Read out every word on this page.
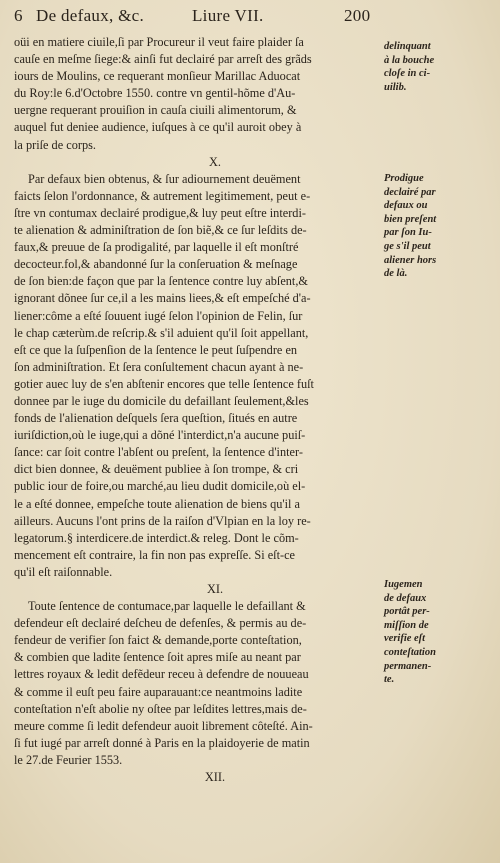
6 De defaux, &c.	Liure VII.	200
oüi en matiere ciuile,ſi par Procureur il veut faire plaider ſa
cauſe en meſme ſiege:& ainſi fut declairé par arreſt des grãds
iours de Moulins, ce requerant monſieur Marillac Aduocat
du Roy:le 6.d'Octobre 1550. contre vn gentil-hõme d'Au-
uergne requerant prouiſion in cauſa ciuili alimentorum, &
auquel fut deniee audience, iuſques à ce qu'il auroit obey à
la priſe de corps.
X.
Par defaux bien obtenus, & ſur adiournement deuëment
faicts ſelon l'ordonnance, & autrement legitimement, peut e-
ſtre vn contumax declairé prodigue,& luy peut eſtre interdi-
te alienation & adminiſtration de ſon biẽ,& ce ſur leſdits de-
faux,& preuue de ſa prodigalité, par laquelle il eſt monſtré
decocteur.fol,& abandonné ſur la conſeruation & meſnage
de ſon bien:de façon que par la ſentence contre luy abſent,&
ignorant dõnee ſur ce,il a les mains liees,& eſt empeſché d'a-
liener:côme a eſté ſouuent iugé ſelon l'opinion de Felin, ſur
le chap cæterùm.de reſcrip.& s'il aduient qu'il ſoit appellant,
eſt ce que la ſuſpenſion de la ſentence le peut ſuſpendre en
ſon adminiſtration. Et ſera conſultement chacun ayant à ne-
gotier auec luy de s'en abſtenir encores que telle ſentence fuſt
donnee par le iuge du domicile du defaillant ſeulement,&les
fonds de l'alienation deſquels ſera queſtion, ſitués en autre
iuriſdiction,où le iuge,qui a dõné l'interdict,n'a aucune puiſ-
ſance: car ſoit contre l'abſent ou preſent, la ſentence d'inter-
dict bien donnee, & deuëment publiee à ſon trompe, & cri
public iour de foire,ou marché,au lieu dudit domicile,où el-
le a eſté donnee, empeſche toute alienation de biens qu'il a
ailleurs. Aucuns l'ont prins de la raiſon d'Vlpian en la loy re-
legatorum.§ interdicere.de interdict.& releg. Dont le cõm-
mencement eſt contraire, la fin non pas expreſſe. Si eſt-ce
qu'il eſt raiſonnable.
XI.
Toute ſentence de contumace,par laquelle le defaillant &
defendeur eſt declairé deſcheu de defenſes, & permis au de-
fendeur de verifier ſon faict & demande,porte conteſtation,
& combien que ladite ſentence ſoit apres miſe au neant par
lettres royaux & ledit defẽdeur receu à defendre de nouueau
& comme il euſt peu faire auparauant:ce neantmoins ladite
conteſtation n'eſt abolie ny oſtee par leſdites lettres,mais de-
meure comme ſi ledit defendeur auoit librement côteſté. Ain-
ſi fut iugé par arreſt donné à Paris en la plaidoyerie de matin
le 27.de Feurier 1553.
XII.
delinquant
à la bouche
cloſe in ci-
uilib.
Prodigue
declairé par
defaux ou
bien preſent
par ſon Iu-
ge s'il peut
aliener hors
de là.
Iugemen
de defaux
portât per-
miſſion de
verifie eſt
conteſtation
permanen-
te.
